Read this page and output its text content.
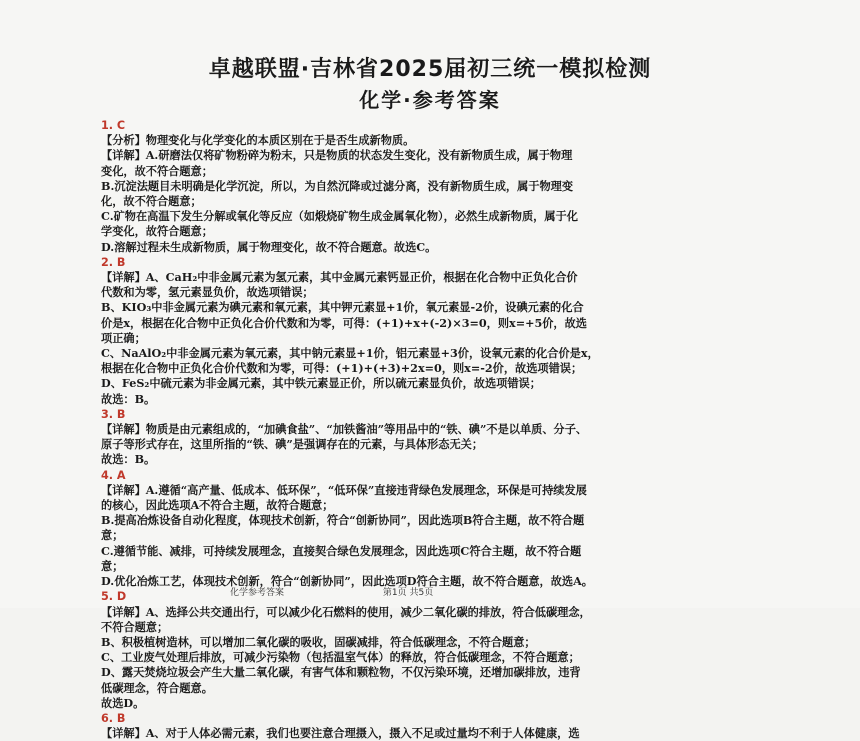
卓越联盟·吉林省2025届初三统一模拟检测
化学·参考答案
1. C
【分析】物理变化与化学变化的本质区别在于是否生成新物质。
【详解】A.研磨法仅将矿物粉碎为粉末，只是物质的状态发生变化，没有新物质生成，属于物理
变化，故不符合题意；
B.沉淀法题目未明确是化学沉淀，所以，为自然沉降或过滤分离，没有新物质生成，属于物理变
化，故不符合题意；
C.矿物在高温下发生分解或氧化等反应（如煅烧矿物生成金属氧化物），必然生成新物质，属于化
学变化，故符合题意；
D.溶解过程未生成新物质，属于物理变化，故不符合题意。故选C。
2. B
【详解】A、CaH₂中非金属元素为氢元素，其中金属元素钙显正价，根据在化合物中正负化合价
代数和为零，氢元素显负价，故选项错误；
B、KIO₃中非金属元素为碘元素和氧元素，其中钾元素显+1价，氧元素显-2价，设碘元素的化合
价是x，根据在化合物中正负化合价代数和为零，可得：(+1)+x+(-2)×3=0，则x=+5价，故选
项正确；
C、NaAlO₂中非金属元素为氧元素，其中钠元素显+1价，铝元素显+3价，设氧元素的化合价是x，
根据在化合物中正负化合价代数和为零，可得：(+1)+(+3)+2x=0，则x=-2价，故选项错误；
D、FeS₂中硫元素为非金属元素，其中铁元素显正价，所以硫元素显负价，故选项错误；
故选：B。
3. B
【详解】物质是由元素组成的，“加碘食盐”、“加铁酱油”等用品中的“铁、碘”不是以单质、分子、
原子等形式存在，这里所指的“铁、碘”是强调存在的元素，与具体形态无关；
故选：B。
4. A
【详解】A.遵循“高产量、低成本、低环保”，“低环保”直接违背绿色发展理念，环保是可持续发展
的核心，因此选项A不符合主题，故符合题意；
B.提高冶炼设备自动化程度，体现技术创新，符合“创新协同”，因此选项B符合主题，故不符合题
意；
C.遵循节能、减排，可持续发展理念，直接契合绿色发展理念，因此选项C符合主题，故不符合题
意；
D.优化冶炼工艺，体现技术创新，符合“创新协同”，因此选项D符合主题，故不符合题意，故选A。
5. D
【详解】A、选择公共交通出行，可以减少化石燃料的使用，减少二氧化碳的排放，符合低碳理念，
不符合题意；
B、积极植树造林，可以增加二氧化碳的吸收，固碳减排，符合低碳理念，不符合题意；
C、工业废气处理后排放，可减少污染物（包括温室气体）的释放，符合低碳理念，不符合题意；
D、露天焚烧垃圾会产生大量二氧化碳，有害气体和颗粒物，不仅污染环境，还增加碳排放，违背
低碳理念，符合题意。
故选D。
6. B
【详解】A、对于人体必需元素，我们也要注意合理摄入，摄入不足或过量均不利于人体健康，选
化学参考答案	第1页 共5页
